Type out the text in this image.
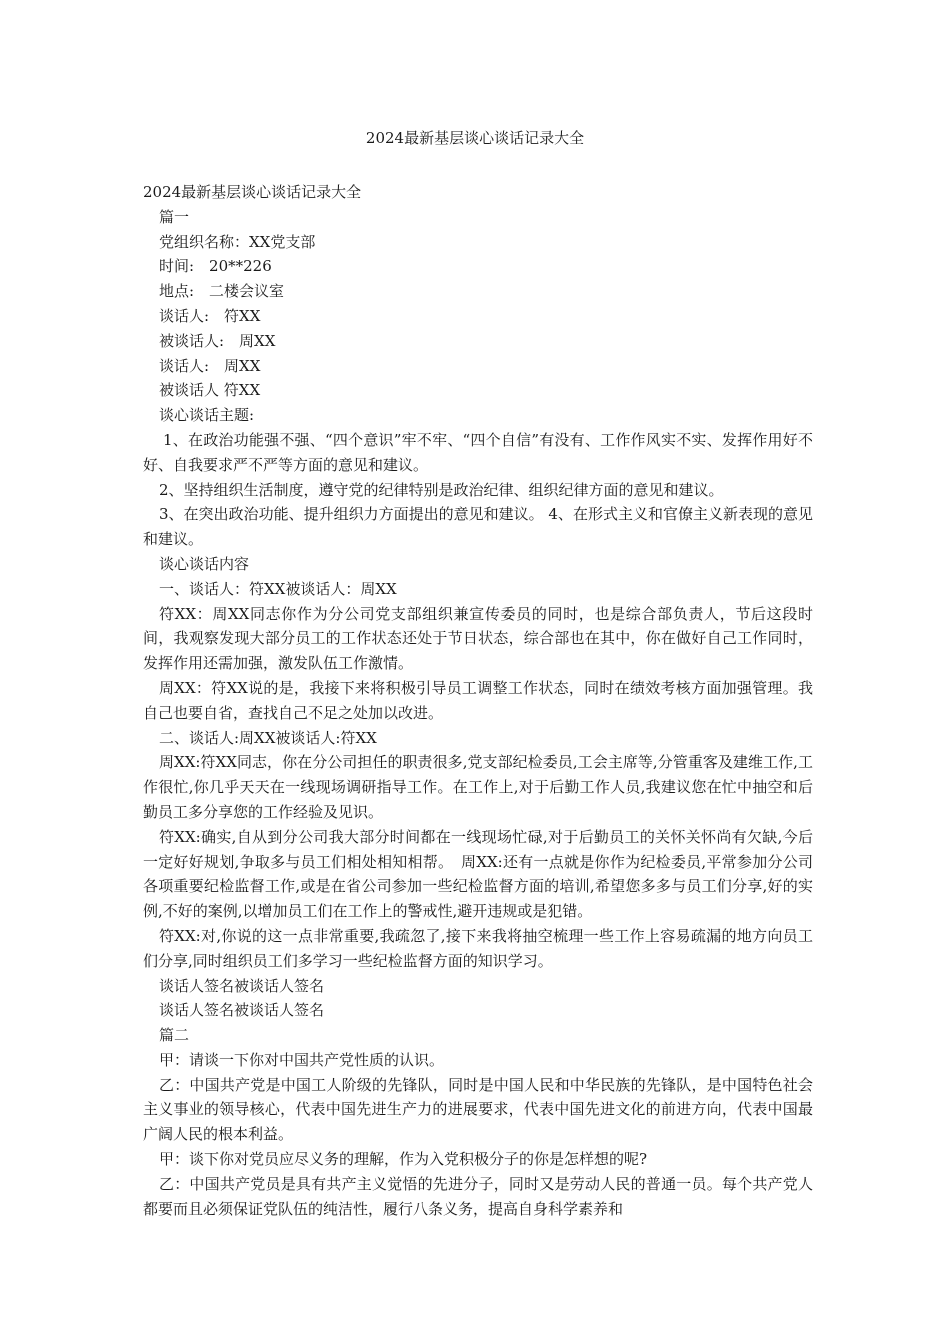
2024最新基层谈心谈话记录大全

2024最新基层谈心谈话记录大全

篇一

党组织名称：XX党支部

时间:　20**226

地点:　二楼会议室

谈话人:　符XX

被谈话人:　周XX

谈话人:　周XX

被谈话人 符XX

谈心谈话主题:

1、在政治功能强不强、“四个意识”牢不牢、“四个自信”有没有、工作作风实不实、发挥作用好不好、自我要求严不严等方面的意见和建议。

2、坚持组织生活制度，遵守党的纪律特别是政治纪律、组织纪律方面的意见和建议。

3、在突出政治功能、提升组织力方面提出的意见和建议。 4、在形式主义和官僚主义新表现的意见和建议。

谈心谈话内容

一、谈话人：符XX被谈话人：周XX

符XX：周XX同志你作为分公司党支部组织兼宣传委员的同时，也是综合部负责人，节后这段时间，我观察发现大部分员工的工作状态还处于节日状态，综合部也在其中，你在做好自己工作同时，发挥作用还需加强，激发队伍工作激情。

周XX：符XX说的是，我接下来将积极引导员工调整工作状态，同时在绩效考核方面加强管理。我自己也要自省，查找自己不足之处加以改进。

二、谈话人:周XX被谈话人:符XX

周XX:符XX同志，你在分公司担任的职责很多,党支部纪检委员,工会主席等,分管重客及建维工作,工作很忙,你几乎天天在一线现场调研指导工作。在工作上,对于后勤工作人员,我建议您在忙中抽空和后勤员工多分享您的工作经验及见识。

符XX:确实,自从到分公司我大部分时间都在一线现场忙碌,对于后勤员工的关怀关怀尚有欠缺,今后一定好好规划,争取多与员工们相处相知相帮。　周XX:还有一点就是你作为纪检委员,平常参加分公司各项重要纪检监督工作,或是在省公司参加一些纪检监督方面的培训,希望您多多与员工们分享,好的实例,不好的案例,以增加员工们在工作上的警戒性,避开违规或是犯错。

符XX:对,你说的这一点非常重要,我疏忽了,接下来我将抽空梳理一些工作上容易疏漏的地方向员工们分享,同时组织员工们多学习一些纪检监督方面的知识学习。

谈话人签名被谈话人签名

谈话人签名被谈话人签名

篇二

甲：请谈一下你对中国共产党性质的认识。

乙：中国共产党是中国工人阶级的先锋队，同时是中国人民和中华民族的先锋队，是中国特色社会主义事业的领导核心，代表中国先进生产力的进展要求，代表中国先进文化的前进方向，代表中国最广阔人民的根本利益。

甲：谈下你对党员应尽义务的理解，作为入党积极分子的你是怎样想的呢?

乙：中国共产党员是具有共产主义觉悟的先进分子，同时又是劳动人民的普通一员。每个共产党人都要而且必须保证党队伍的纯洁性，履行八条义务，提高自身科学素养和
